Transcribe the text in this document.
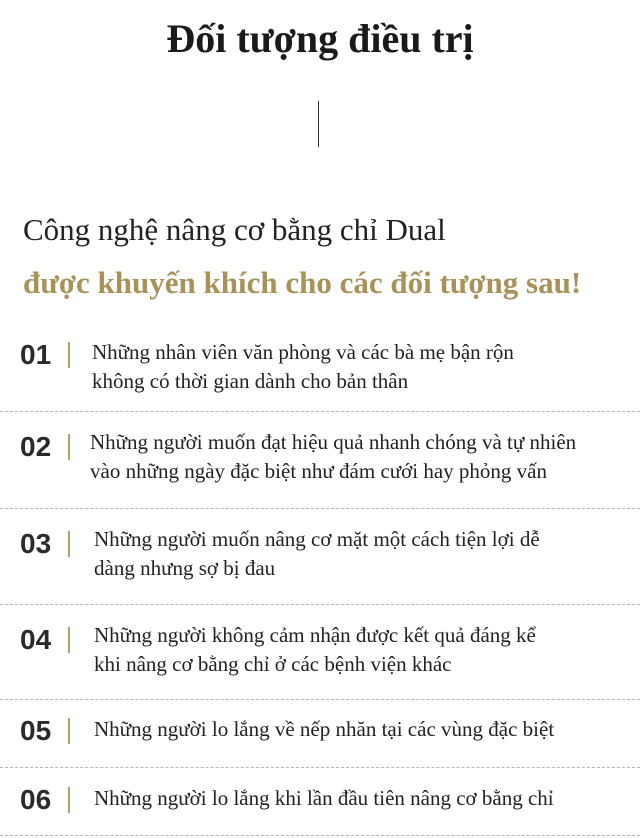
Đối tượng điều trị
Công nghệ nâng cơ bằng chỉ Dual
được khuyến khích cho các đối tượng sau!
01 Những nhân viên văn phòng và các bà mẹ bận rộn
không có thời gian dành cho bản thân
02 Những người muốn đạt hiệu quả nhanh chóng và tự nhiên
vào những ngày đặc biệt như đám cưới hay phỏng vấn
03 Những người muốn nâng cơ mặt một cách tiện lợi dễ
dàng nhưng sợ bị đau
04 Những người không cảm nhận được kết quả đáng kể
khi nâng cơ bằng chỉ ở các bệnh viện khác
05 Những người lo lắng về nếp nhăn tại các vùng đặc biệt
06 Những người lo lắng khi lần đầu tiên nâng cơ bằng chỉ
